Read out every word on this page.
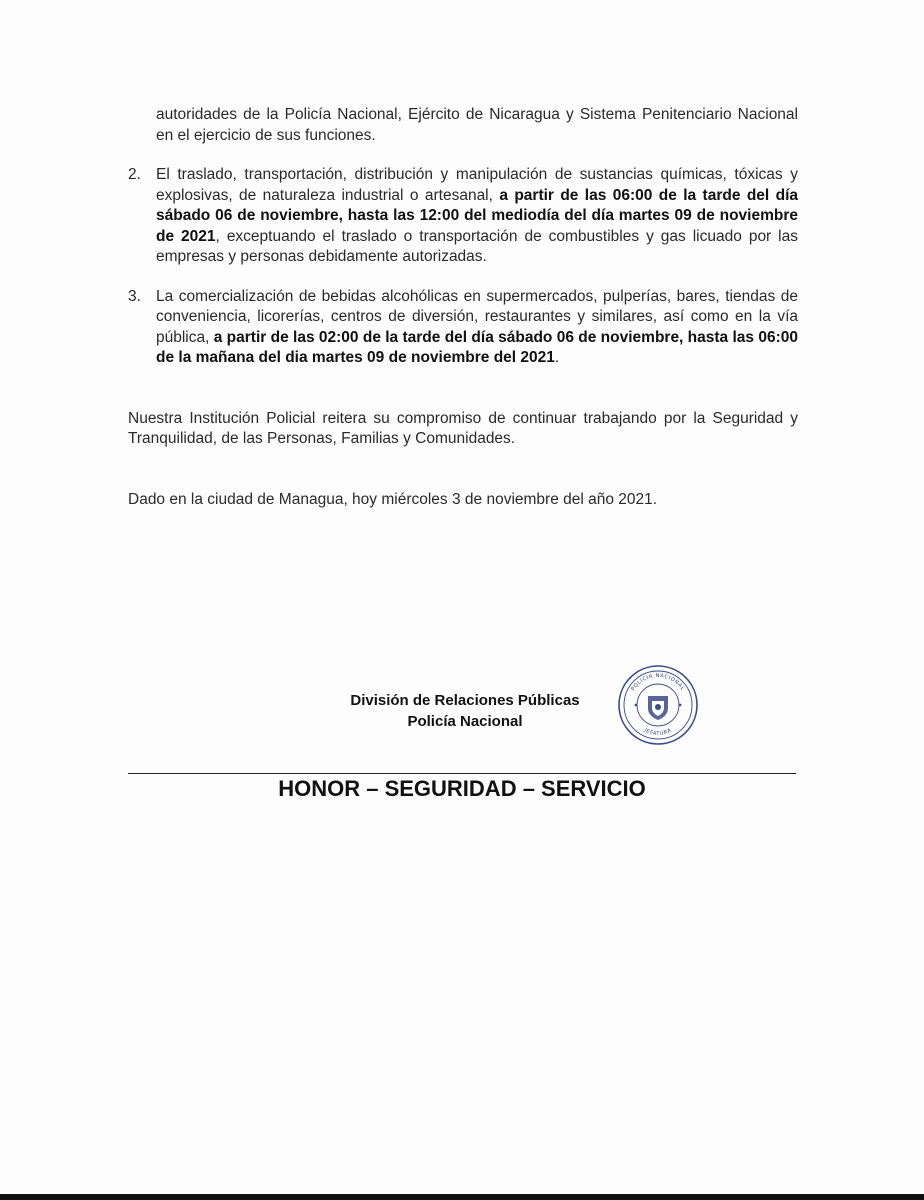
autoridades de la Policía Nacional, Ejército de Nicaragua y Sistema Penitenciario Nacional en el ejercicio de sus funciones.

2. El traslado, transportación, distribución y manipulación de sustancias químicas, tóxicas y explosivas, de naturaleza industrial o artesanal, a partir de las 06:00 de la tarde del día sábado 06 de noviembre, hasta las 12:00 del mediodía del día martes 09 de noviembre de 2021, exceptuando el traslado o transportación de combustibles y gas licuado por las empresas y personas debidamente autorizadas.
3. La comercialización de bebidas alcohólicas en supermercados, pulperías, bares, tiendas de conveniencia, licorerías, centros de diversión, restaurantes y similares, así como en la vía pública, a partir de las 02:00 de la tarde del día sábado 06 de noviembre, hasta las 06:00 de la mañana del dia martes 09 de noviembre del 2021.

Nuestra Institución Policial reitera su compromiso de continuar trabajando por la Seguridad y Tranquilidad, de las Personas, Familias y Comunidades.

Dado en la ciudad de Managua, hoy miércoles 3 de noviembre del año 2021.

División de Relaciones Públicas
Policía Nacional
POLICIA NACIONAL
JEFATURA
HONOR – SEGURIDAD – SERVICIO
